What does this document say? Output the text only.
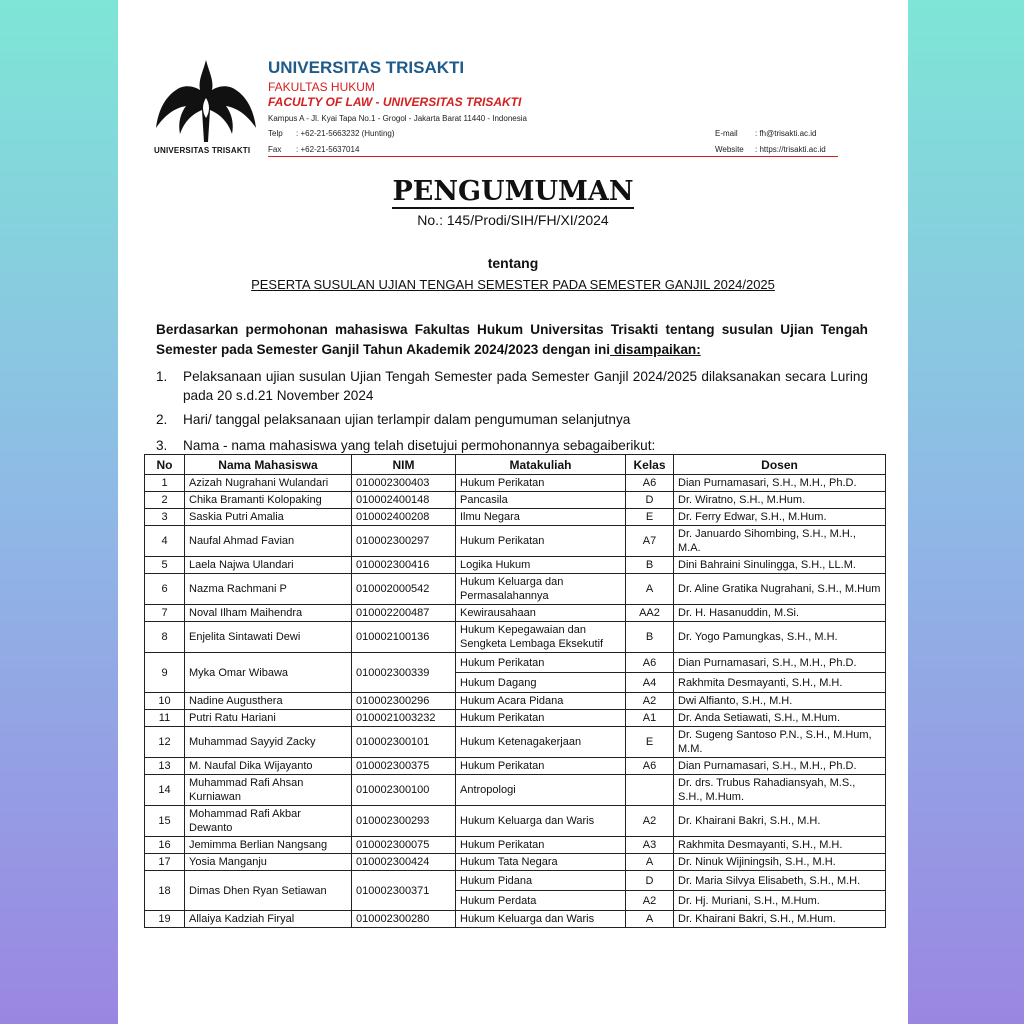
UNIVERSITAS TRISAKTI
UNIVERSITAS TRISAKTI
FAKULTAS HUKUM
FACULTY OF LAW - UNIVERSITAS TRISAKTI
Kampus A - Jl. Kyai Tapa No.1 - Grogol - Jakarta Barat 11440 - Indonesia
Telp : +62-21-5663232 (Hunting)
Fax : +62-21-5637014
E-mail : fh@trisakti.ac.id
Website : https://trisakti.ac.id
PENGUMUMAN
No.: 145/Prodi/SIH/FH/XI/2024
tentang
PESERTA SUSULAN UJIAN TENGAH SEMESTER PADA SEMESTER GANJIL 2024/2025
Berdasarkan permohonan mahasiswa Fakultas Hukum Universitas Trisakti tentang susulan Ujian Tengah Semester pada Semester Ganjil Tahun Akademik 2024/2023 dengan ini disampaikan:
1. Pelaksanaan ujian susulan Ujian Tengah Semester pada Semester Ganjil 2024/2025 dilaksanakan secara Luring pada 20 s.d.21 November 2024
2. Hari/ tanggal pelaksanaan ujian terlampir dalam pengumuman selanjutnya
3. Nama - nama mahasiswa yang telah disetujui permohonannya sebagaiberikut:
No	Nama Mahasiswa	NIM	Matakuliah	Kelas	Dosen
1	Azizah Nugrahani Wulandari	010002300403	Hukum Perikatan	A6	Dian Purnamasari, S.H., M.H., Ph.D.
2	Chika Bramanti Kolopaking	010002400148	Pancasila	D	Dr. Wiratno, S.H., M.Hum.
3	Saskia Putri Amalia	010002400208	Ilmu Negara	E	Dr. Ferry Edwar, S.H., M.Hum.
4	Naufal Ahmad Favian	010002300297	Hukum Perikatan	A7	Dr. Januardo Sihombing, S.H., M.H., M.A.
5	Laela Najwa Ulandari	010002300416	Logika Hukum	B	Dini Bahraini Sinulingga, S.H., LL.M.
6	Nazma Rachmani P	010002000542	Hukum Keluarga dan Permasalahannya	A	Dr. Aline Gratika Nugrahani, S.H., M.Hum
7	Noval Ilham Maihendra	010002200487	Kewirausahaan	AA2	Dr. H. Hasanuddin, M.Si.
8	Enjelita Sintawati Dewi	010002100136	Hukum Kepegawaian dan Sengketa Lembaga Eksekutif	B	Dr. Yogo Pamungkas, S.H., M.H.
9	Myka Omar Wibawa	010002300339	Hukum Perikatan	A6	Dian Purnamasari, S.H., M.H., Ph.D.
			Hukum Dagang	A4	Rakhmita Desmayanti, S.H., M.H.
10	Nadine Augusthera	010002300296	Hukum Acara Pidana	A2	Dwi Alfianto, S.H., M.H.
11	Putri Ratu Hariani	0100021003232	Hukum Perikatan	A1	Dr. Anda Setiawati, S.H., M.Hum.
12	Muhammad Sayyid Zacky	010002300101	Hukum Ketenagakerjaan	E	Dr. Sugeng Santoso P.N., S.H., M.Hum, M.M.
13	M. Naufal Dika Wijayanto	010002300375	Hukum Perikatan	A6	Dian Purnamasari, S.H., M.H., Ph.D.
14	Muhammad Rafi Ahsan Kurniawan	010002300100	Antropologi		Dr. drs. Trubus Rahadiansyah, M.S., S.H., M.Hum.
15	Mohammad Rafi Akbar Dewanto	010002300293	Hukum Keluarga dan Waris	A2	Dr. Khairani Bakri, S.H., M.H.
16	Jemimma Berlian Nangsang	010002300075	Hukum Perikatan	A3	Rakhmita Desmayanti, S.H., M.H.
17	Yosia Manganju	010002300424	Hukum Tata Negara	A	Dr. Ninuk Wijiningsih, S.H., M.H.
18	Dimas Dhen Ryan Setiawan	010002300371	Hukum Pidana	D	Dr. Maria Silvya Elisabeth, S.H., M.H.
			Hukum Perdata	A2	Dr. Hj. Muriani, S.H., M.Hum.
19	Allaiya Kadziah Firyal	010002300280	Hukum Keluarga dan Waris	A	Dr. Khairani Bakri, S.H., M.Hum.
